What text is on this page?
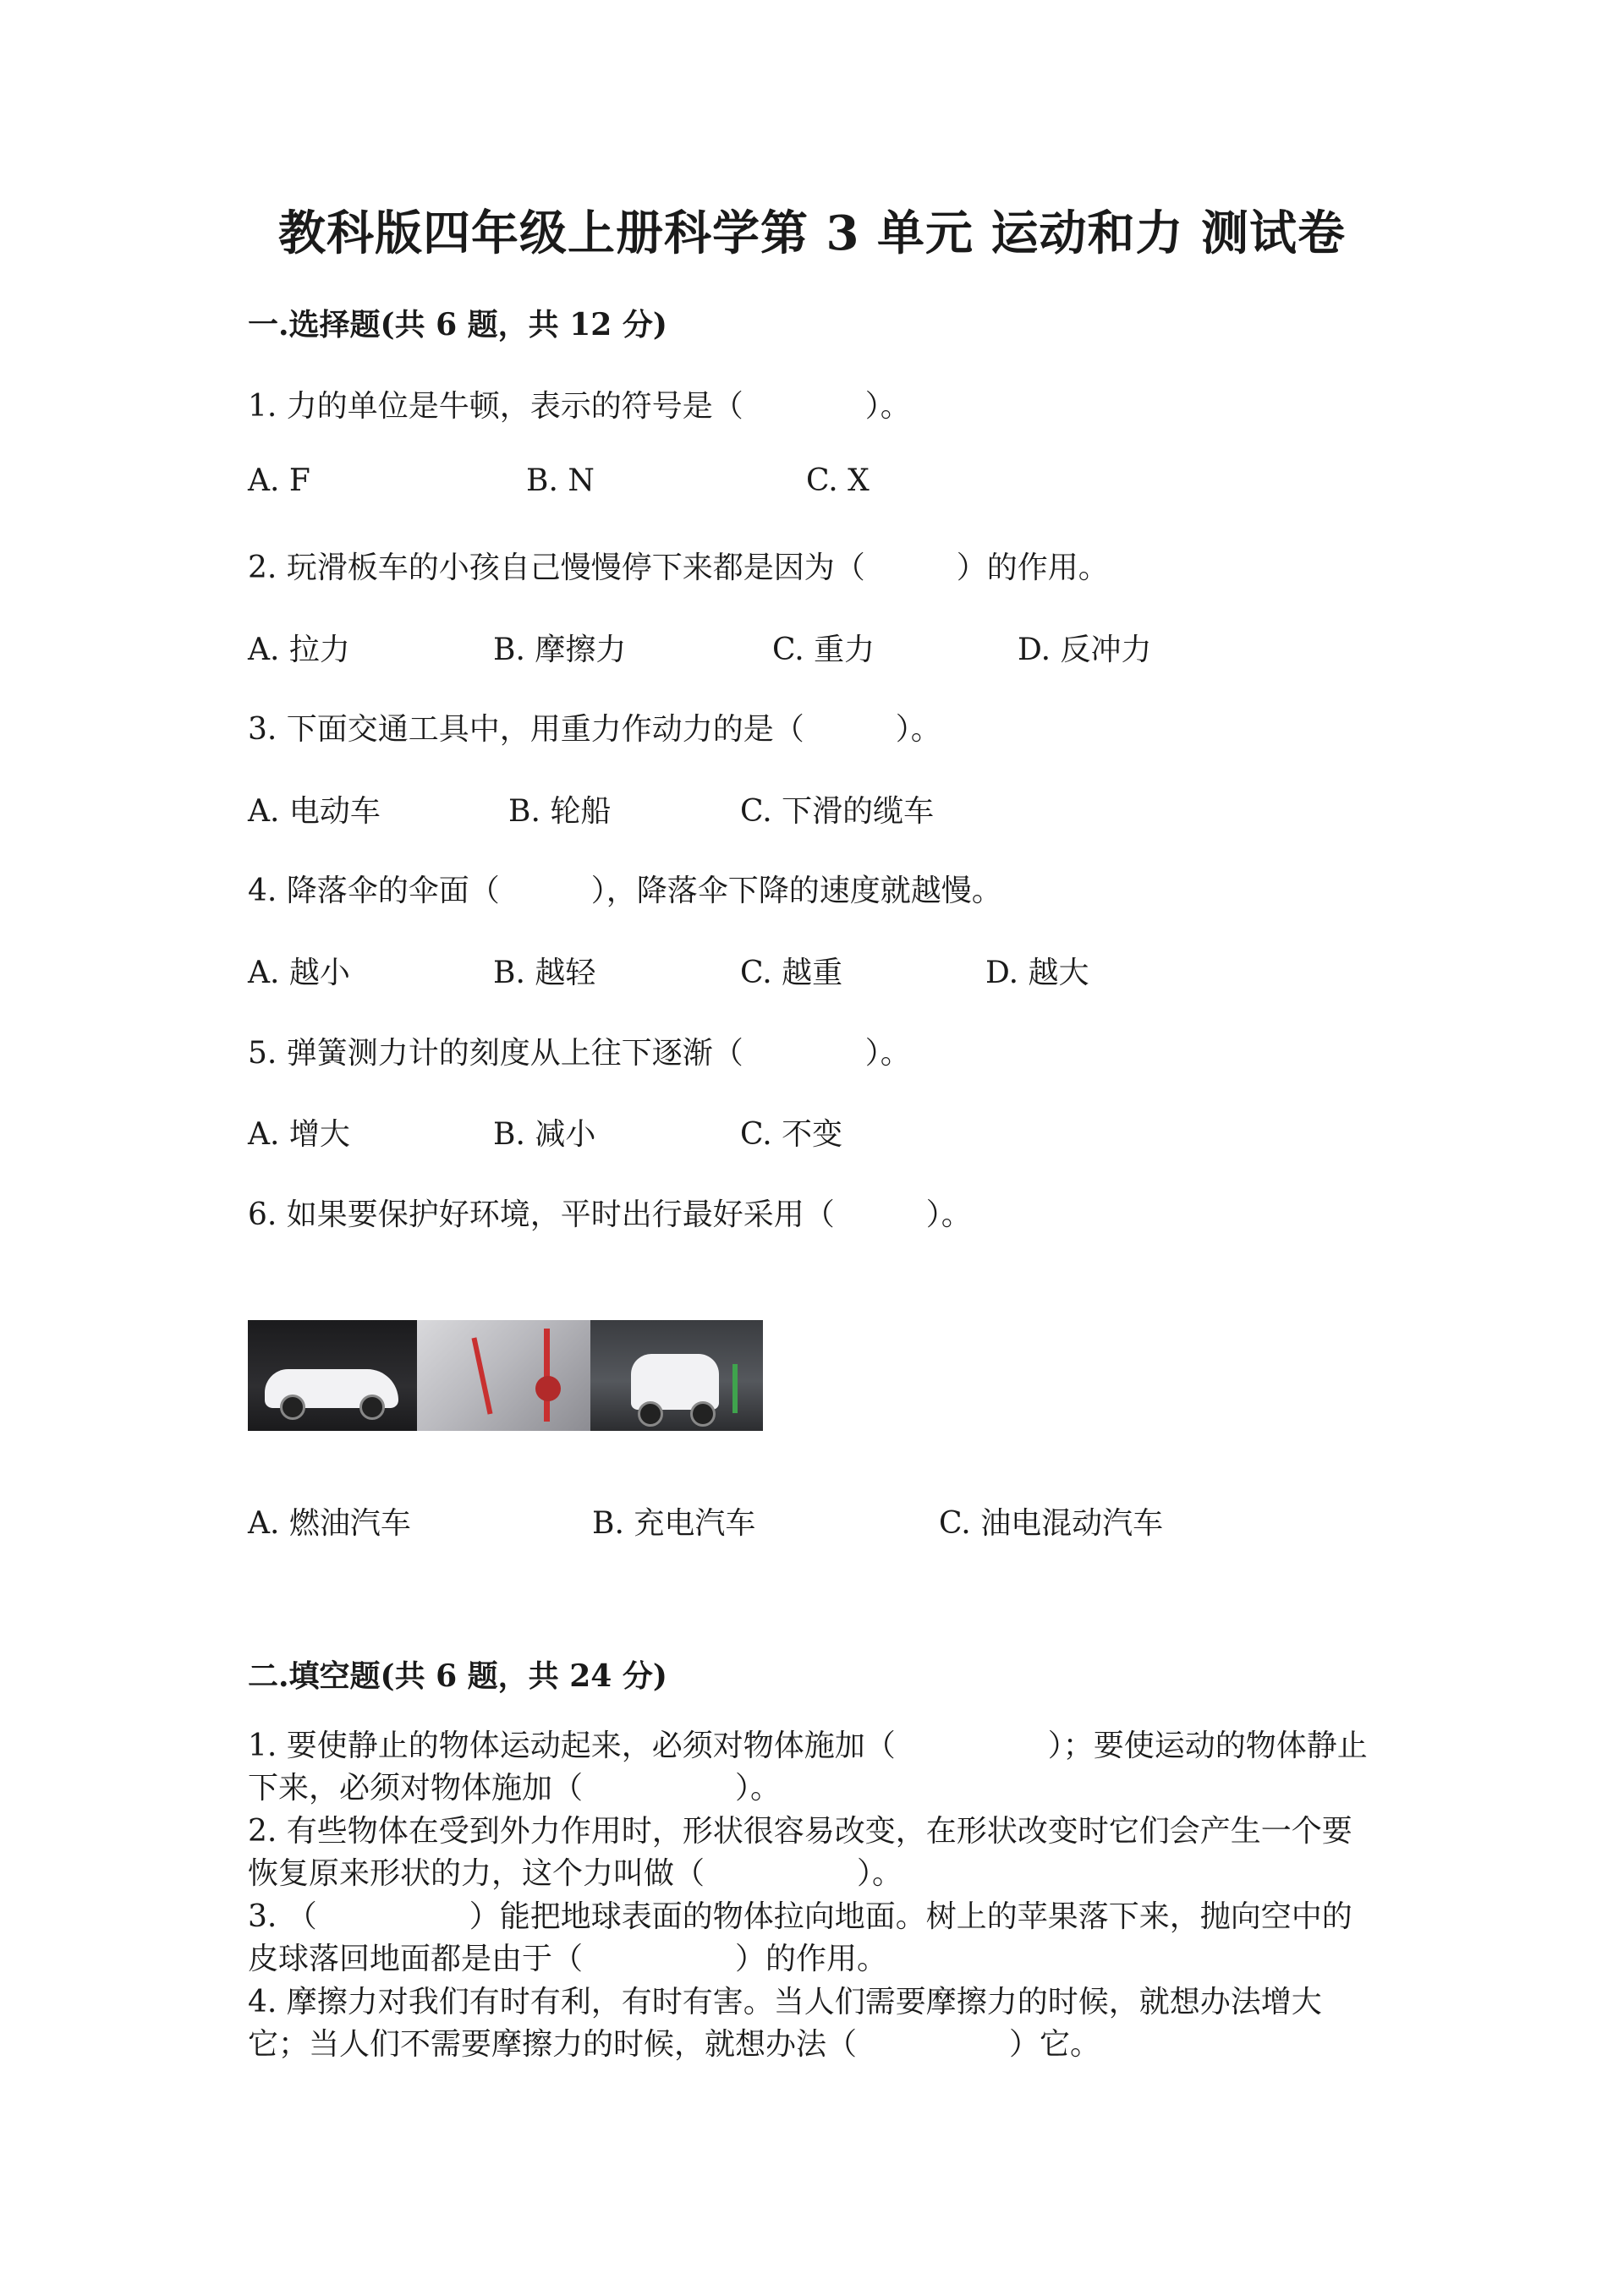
教科版四年级上册科学第 3 单元 运动和力 测试卷
一.选择题(共 6 题，共 12 分)

1. 力的单位是牛顿，表示的符号是（　　　　）。

A. F	B. N	C. X

2. 玩滑板车的小孩自己慢慢停下来都是因为（　　　）的作用。

A. 拉力	B. 摩擦力	C. 重力	D. 反冲力

3. 下面交通工具中，用重力作动力的是（　　　）。

A. 电动车	B. 轮船	C. 下滑的缆车

4. 降落伞的伞面（　　　），降落伞下降的速度就越慢。

A. 越小	B. 越轻	C. 越重	D. 越大

5. 弹簧测力计的刻度从上往下逐渐（　　　　）。

A. 增大	B. 减小	C. 不变

6. 如果要保护好环境，平时出行最好采用（　　　）。

A. 燃油汽车	B. 充电汽车	C. 油电混动汽车
二.填空题(共 6 题，共 24 分)

1. 要使静止的物体运动起来，必须对物体施加（　　　　　）；要使运动的物体静止下来，必须对物体施加（　　　　　）。

2. 有些物体在受到外力作用时，形状很容易改变，在形状改变时它们会产生一个要恢复原来形状的力，这个力叫做（　　　　　）。

3. （　　　　　）能把地球表面的物体拉向地面。树上的苹果落下来，抛向空中的皮球落回地面都是由于（　　　　　）的作用。

4. 摩擦力对我们有时有利，有时有害。当人们需要摩擦力的时候，就想办法增大它；当人们不需要摩擦力的时候，就想办法（　　　　　）它。
